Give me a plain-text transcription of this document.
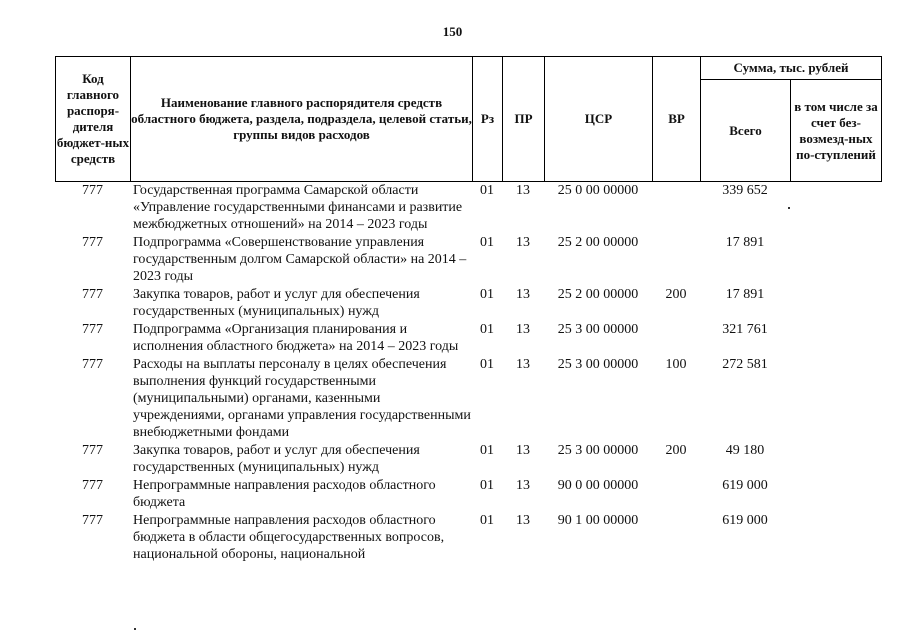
150
Код главного распоря-дителя бюджет-ных средств	Наименование главного распорядителя средств областного бюджета, раздела, подраздела, целевой статьи, группы видов расходов	Рз	ПР	ЦСР	ВР	Сумма, тыс. рублей	
						Всего	в том числе за счет без-возмезд-ных по-ступлений
777	Государственная программа Самарской области «Управление государственными финансами и развитие межбюджетных отношений» на 2014 – 2023 годы	01	13	25 0 00 00000		339 652	
777	Подпрограмма «Совершенствование управления государственным долгом Самарской области» на 2014 – 2023 годы	01	13	25 2 00 00000		17 891	
777	Закупка товаров, работ и услуг для обеспечения государственных (муниципальных) нужд	01	13	25 2 00 00000	200	17 891	
777	Подпрограмма «Организация планирования и исполнения областного бюджета» на 2014 – 2023 годы	01	13	25 3 00 00000		321 761	
777	Расходы на выплаты персоналу в целях обеспечения выполнения функций государственными (муниципальными) органами, казенными учреждениями, органами управления государственными внебюджетными фондами	01	13	25 3 00 00000	100	272 581	
777	Закупка товаров, работ и услуг для обеспечения государственных (муниципальных) нужд	01	13	25 3 00 00000	200	49 180	
777	Непрограммные направления расходов областного бюджета	01	13	90 0 00 00000		619 000	
777	Непрограммные направления расходов областного бюджета в области общегосударственных вопросов, национальной обороны, национальной	01	13	90 1 00 00000		619 000	
